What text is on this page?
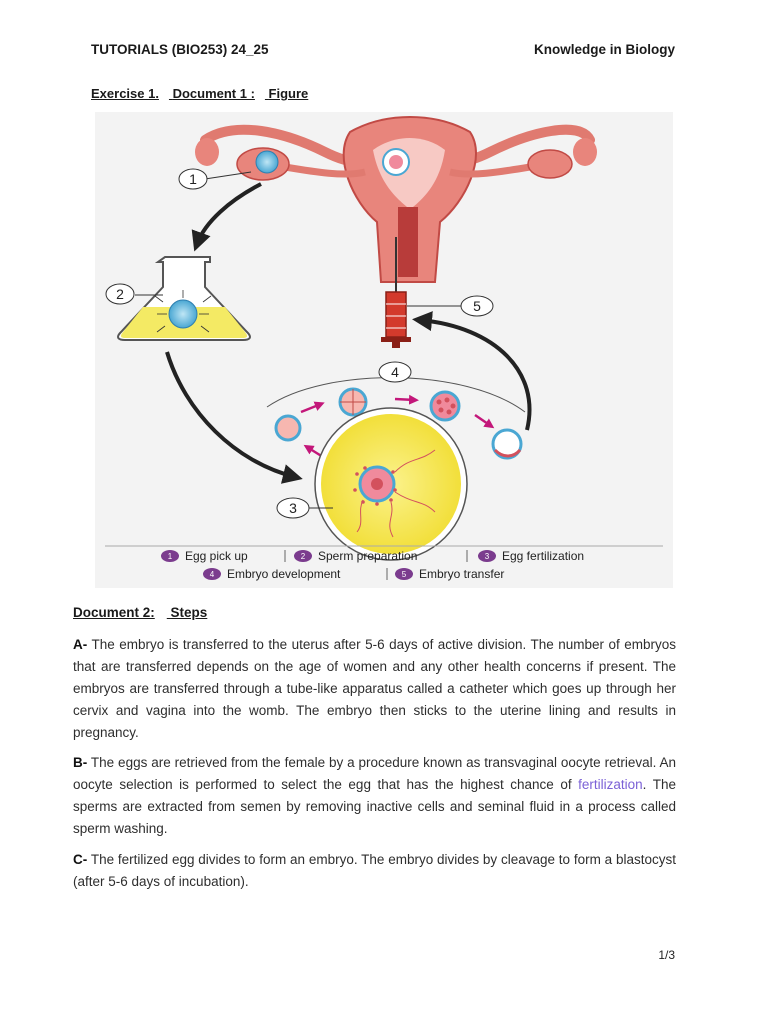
TUTORIALS (BIO253) 24_25	Knowledge in Biology
Exercise 1. Document 1 : Figure
1
2
5
4
3
1 Egg pick up	2 Sperm preparation	3 Egg fertilization
4 Embryo development	5 Embryo transfer
Document 2: Steps

A- The embryo is transferred to the uterus after 5-6 days of active division. The number of embryos that are transferred depends on the age of women and any other health concerns if present. The embryos are transferred through a tube-like apparatus called a catheter which goes up through her cervix and vagina into the womb. The embryo then sticks to the uterine lining and results in pregnancy.

B- The eggs are retrieved from the female by a procedure known as transvaginal oocyte retrieval. An oocyte selection is performed to select the egg that has the highest chance of fertilization. The sperms are extracted from semen by removing inactive cells and seminal fluid in a process called sperm washing.

C- The fertilized egg divides to form an embryo. The embryo divides by cleavage to form a blastocyst (after 5-6 days of incubation).

1/3
